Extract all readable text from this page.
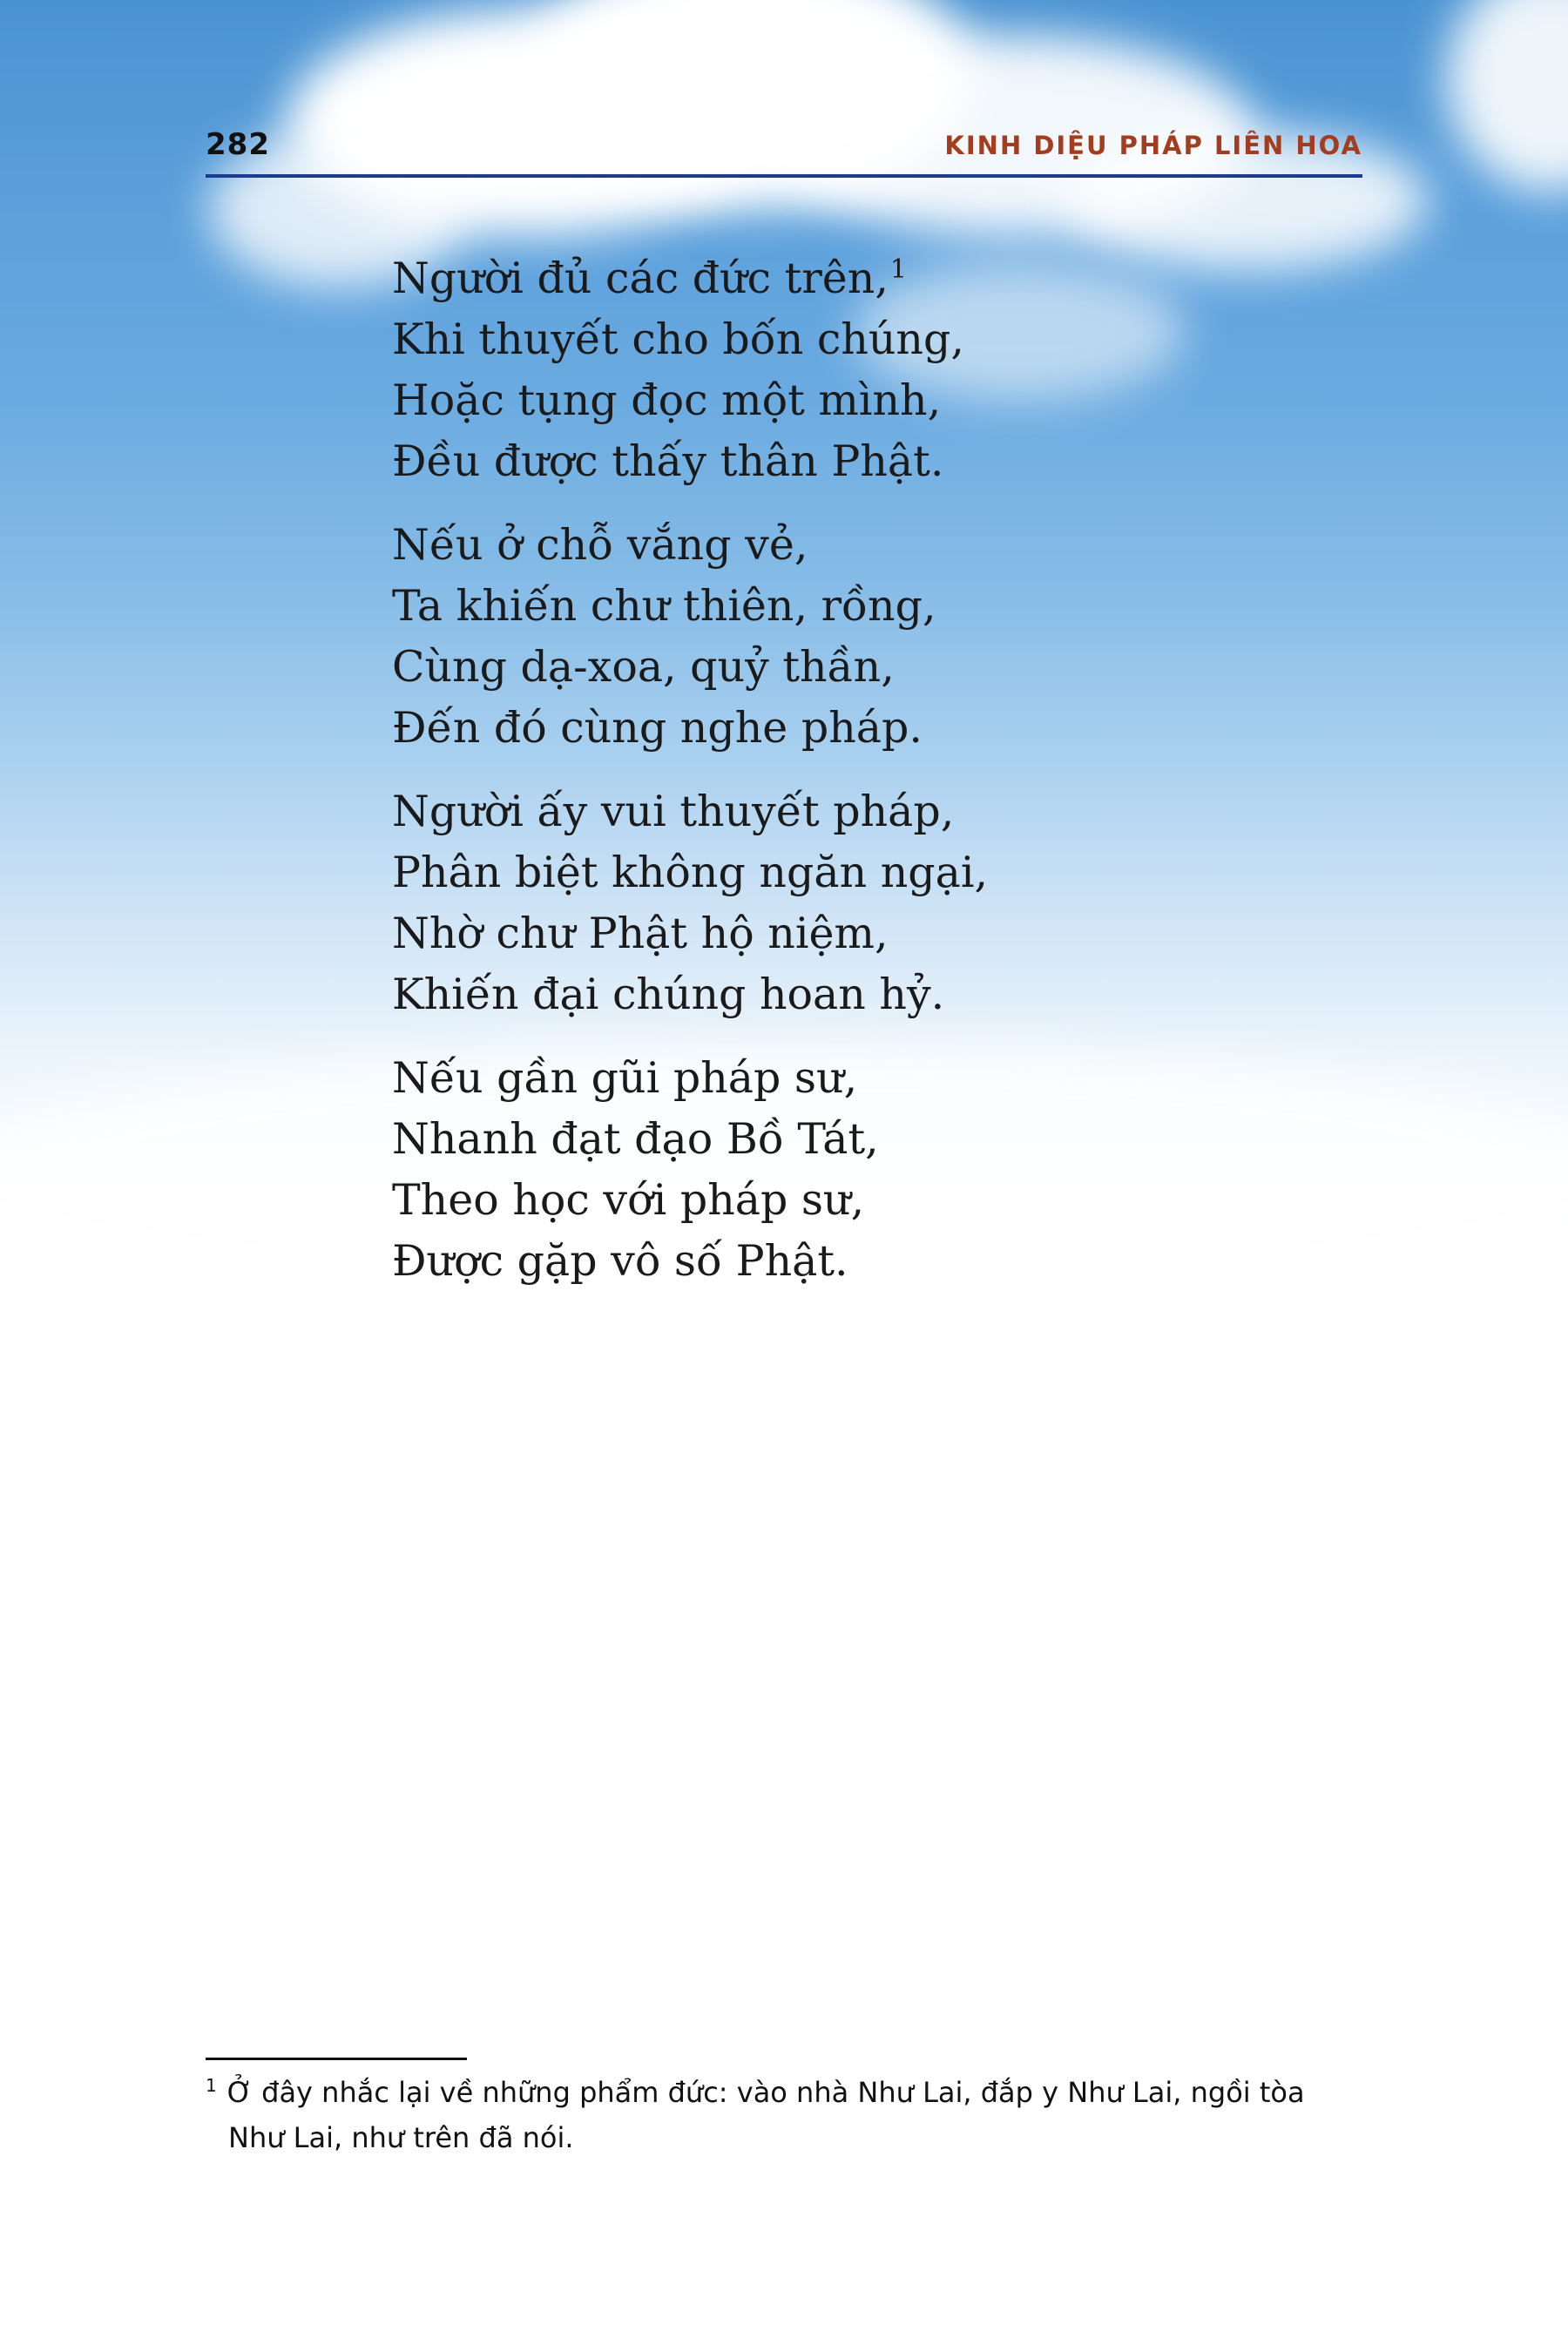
282	KINH DIỆU PHÁP LIÊN HOA
Người đủ các đức trên,$^1$
Khi thuyết cho bốn chúng,
Hoặc tụng đọc một mình,
Đều được thấy thân Phật.
Nếu ở chỗ vắng vẻ,
Ta khiến chư thiên, rồng,
Cùng dạ-xoa, quỷ thần,
Đến đó cùng nghe pháp.
Người ấy vui thuyết pháp,
Phân biệt không ngăn ngại,
Nhờ chư Phật hộ niệm,
Khiến đại chúng hoan hỷ.
Nếu gần gũi pháp sư,
Nhanh đạt đạo Bồ Tát,
Theo học với pháp sư,
Được gặp vô số Phật.
$^1$ Ở đây nhắc lại về những phẩm đức: vào nhà Như Lai, đắp y Như Lai, ngồi tòa
Như Lai, như trên đã nói.
